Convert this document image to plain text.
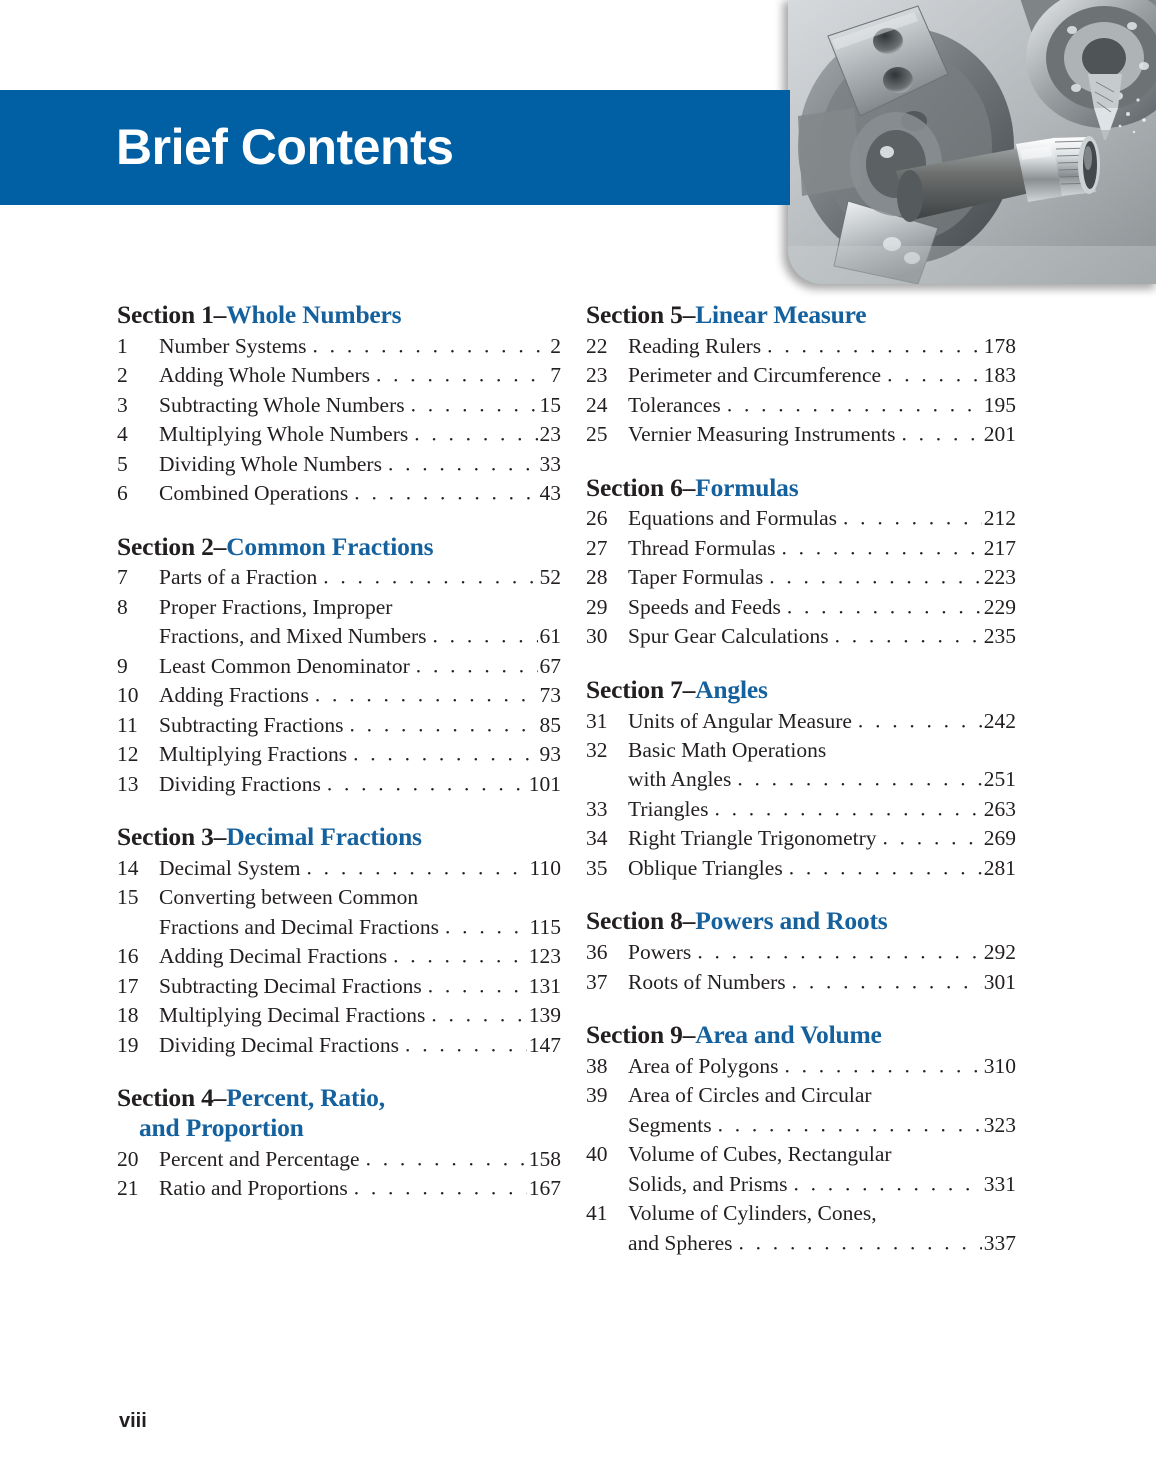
Brief Contents
Section 1–Whole Numbers
1	Number Systems . . .	2
2	Adding Whole Numbers . . .	7
3	Subtracting Whole Numbers . . .	15
4	Multiplying Whole Numbers . . .	23
5	Dividing Whole Numbers . . .	33
6	Combined Operations . . .	43
Section 2–Common Fractions
7	Parts of a Fraction . . .	52
8	Proper Fractions, Improper
Fractions, and Mixed Numbers . . .	61
9	Least Common Denominator . . .	67
10 Adding Fractions . . .	73
11 Subtracting Fractions . . .	85
12 Multiplying Fractions . . .	93
13 Dividing Fractions . . .	101
Section 3–Decimal Fractions
14 Decimal System . . .	110
15 Converting between Common
Fractions and Decimal Fractions . . .	115
16 Adding Decimal Fractions . . .	123
17 Subtracting Decimal Fractions . . .	131
18 Multiplying Decimal Fractions . . .	139
19 Dividing Decimal Fractions . . .	147
Section 4–Percent, Ratio,
and Proportion
20 Percent and Percentage . . .	158
21 Ratio and Proportions . . .	167
Section 5–Linear Measure
22 Reading Rulers . . .	178
23 Perimeter and Circumference . . .	183
24 Tolerances . . .	195
25 Vernier Measuring Instruments . . .	201
Section 6–Formulas
26 Equations and Formulas . . .	212
27 Thread Formulas . . .	217
28 Taper Formulas . . .	223
29 Speeds and Feeds . . .	229
30 Spur Gear Calculations . . .	235
Section 7–Angles
31 Units of Angular Measure . . .	242
32 Basic Math Operations
with Angles . . .	251
33 Triangles . . .	263
34 Right Triangle Trigonometry . . .	269
35 Oblique Triangles . . .	281
Section 8–Powers and Roots
36 Powers . . .	292
37 Roots of Numbers . . .	301
Section 9–Area and Volume
38 Area of Polygons . . .	310
39 Area of Circles and Circular
Segments . . .	323
40 Volume of Cubes, Rectangular
Solids, and Prisms . . .	331
41 Volume of Cylinders, Cones,
and Spheres . . .	337
viii
